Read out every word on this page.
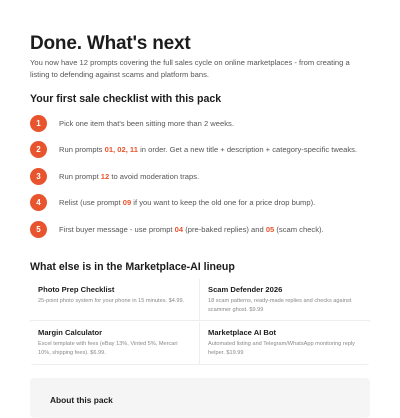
Done. What's next

You now have 12 prompts covering the full sales cycle on online marketplaces - from creating a listing to defending against scams and platform bans.

Your first sale checklist with this pack
1	Pick one item that's been sitting more than 2 weeks.
2	Run prompts 01, 02, 11 in order. Get a new title + description + category-specific tweaks.
3	Run prompt 12 to avoid moderation traps.
4	Relist (use prompt 09 if you want to keep the old one for a price drop bump).
5	First buyer message - use prompt 04 (pre-baked replies) and 05 (scam check).
What else is in the Marketplace-AI lineup

Photo Prep Checklist

25-point photo system for your phone in 15 minutes. $4.99.

Scam Defender 2026

18 scam patterns, ready-made replies and checks against scammer ghost. $9.99

Margin Calculator

Excel template with fees (eBay 13%, Vinted 5%, Mercari 10%, shipping fees). $6.99.

Marketplace AI Bot

Automated listing and Telegram/WhatsApp monitoring reply helper. $19.99

About this pack
